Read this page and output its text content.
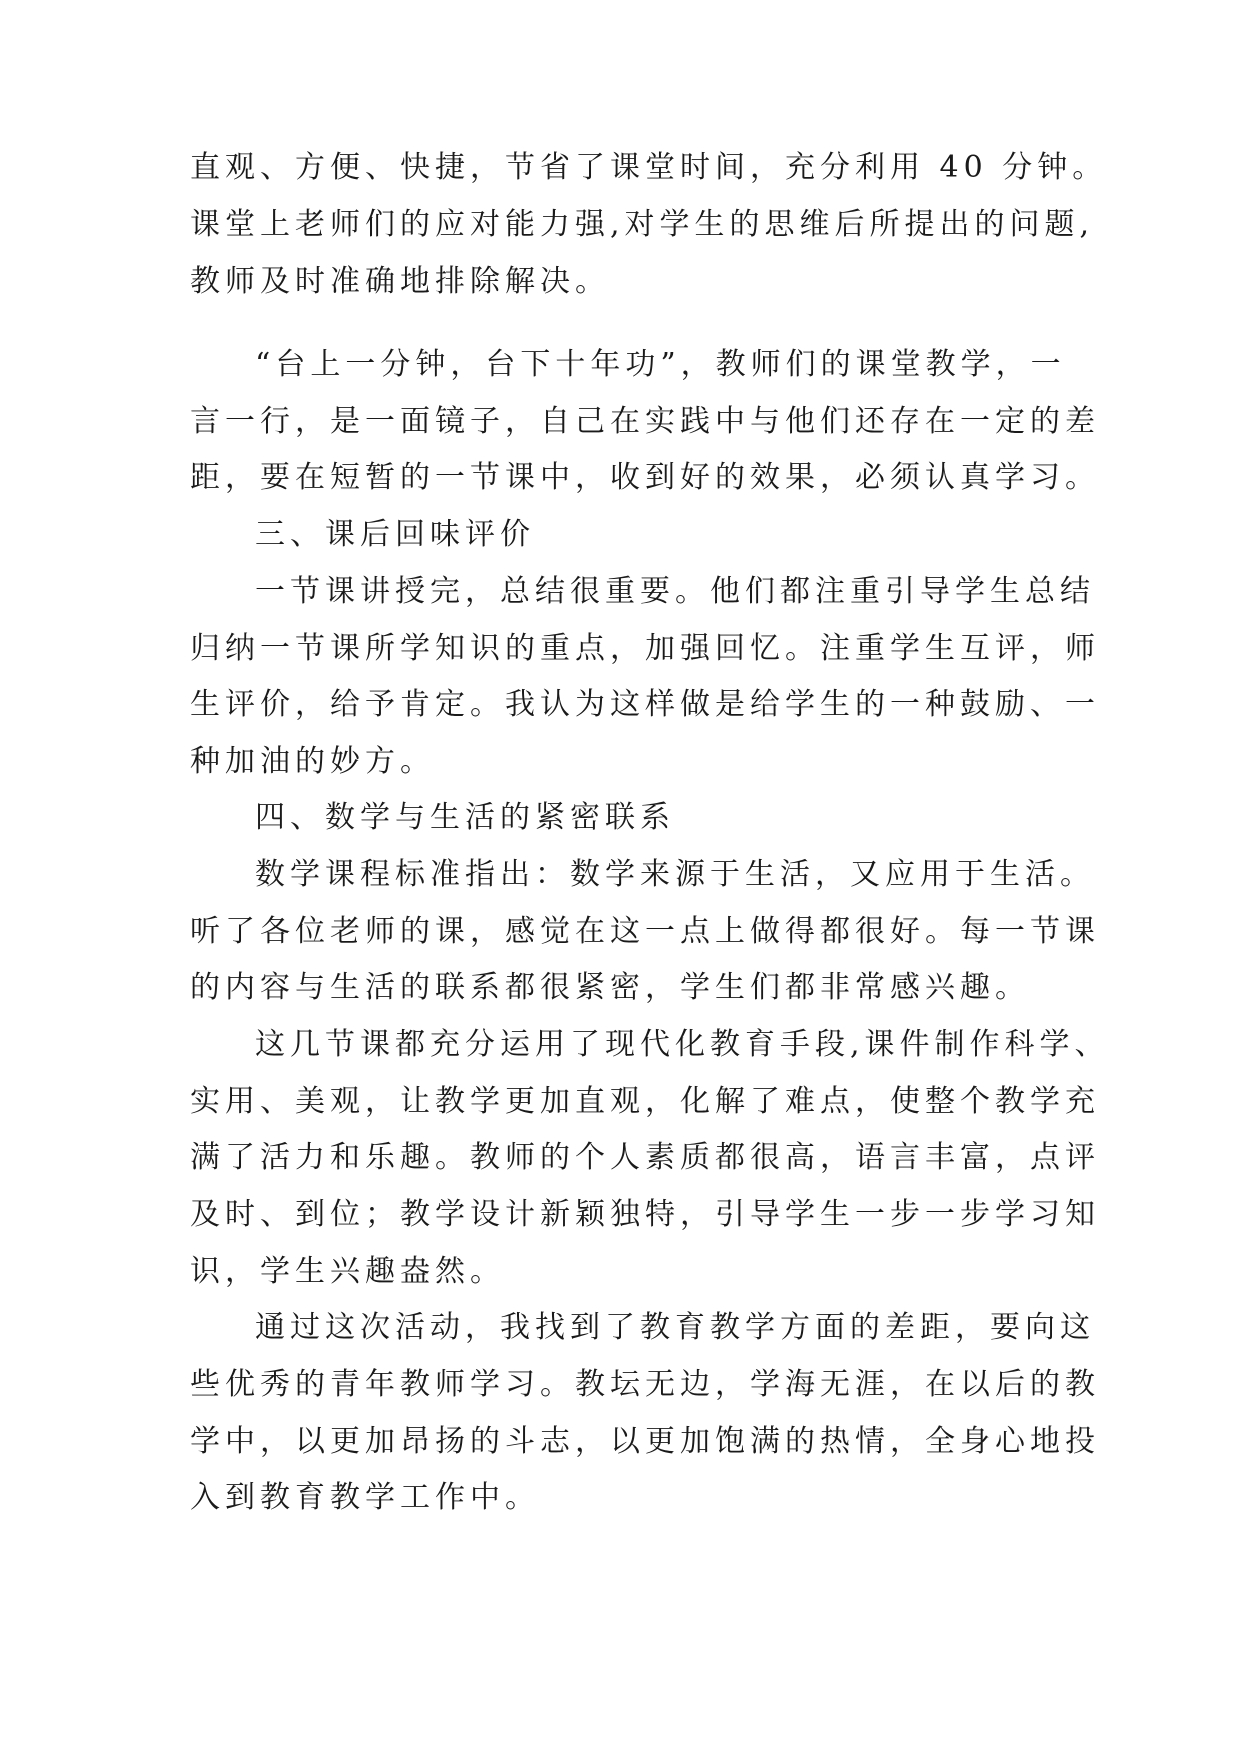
直观、方便、快捷，节省了课堂时间，充分利用 40 分钟。
课堂上老师们的应对能力强,对学生的思维后所提出的问题,
教师及时准确地排除解决。
“台上一分钟，台下十年功”，教师们的课堂教学，一
言一行，是一面镜子，自己在实践中与他们还存在一定的差
距，要在短暂的一节课中，收到好的效果，必须认真学习。
三、课后回味评价
一节课讲授完，总结很重要。他们都注重引导学生总结
归纳一节课所学知识的重点，加强回忆。注重学生互评，师
生评价，给予肯定。我认为这样做是给学生的一种鼓励、一
种加油的妙方。
四、数学与生活的紧密联系
数学课程标准指出：数学来源于生活，又应用于生活。
听了各位老师的课，感觉在这一点上做得都很好。每一节课
的内容与生活的联系都很紧密，学生们都非常感兴趣。
这几节课都充分运用了现代化教育手段,课件制作科学、
实用、美观，让教学更加直观，化解了难点，使整个教学充
满了活力和乐趣。教师的个人素质都很高，语言丰富，点评
及时、到位；教学设计新颖独特，引导学生一步一步学习知
识，学生兴趣盎然。
通过这次活动，我找到了教育教学方面的差距，要向这
些优秀的青年教师学习。教坛无边，学海无涯，在以后的教
学中，以更加昂扬的斗志，以更加饱满的热情，全身心地投
入到教育教学工作中。
